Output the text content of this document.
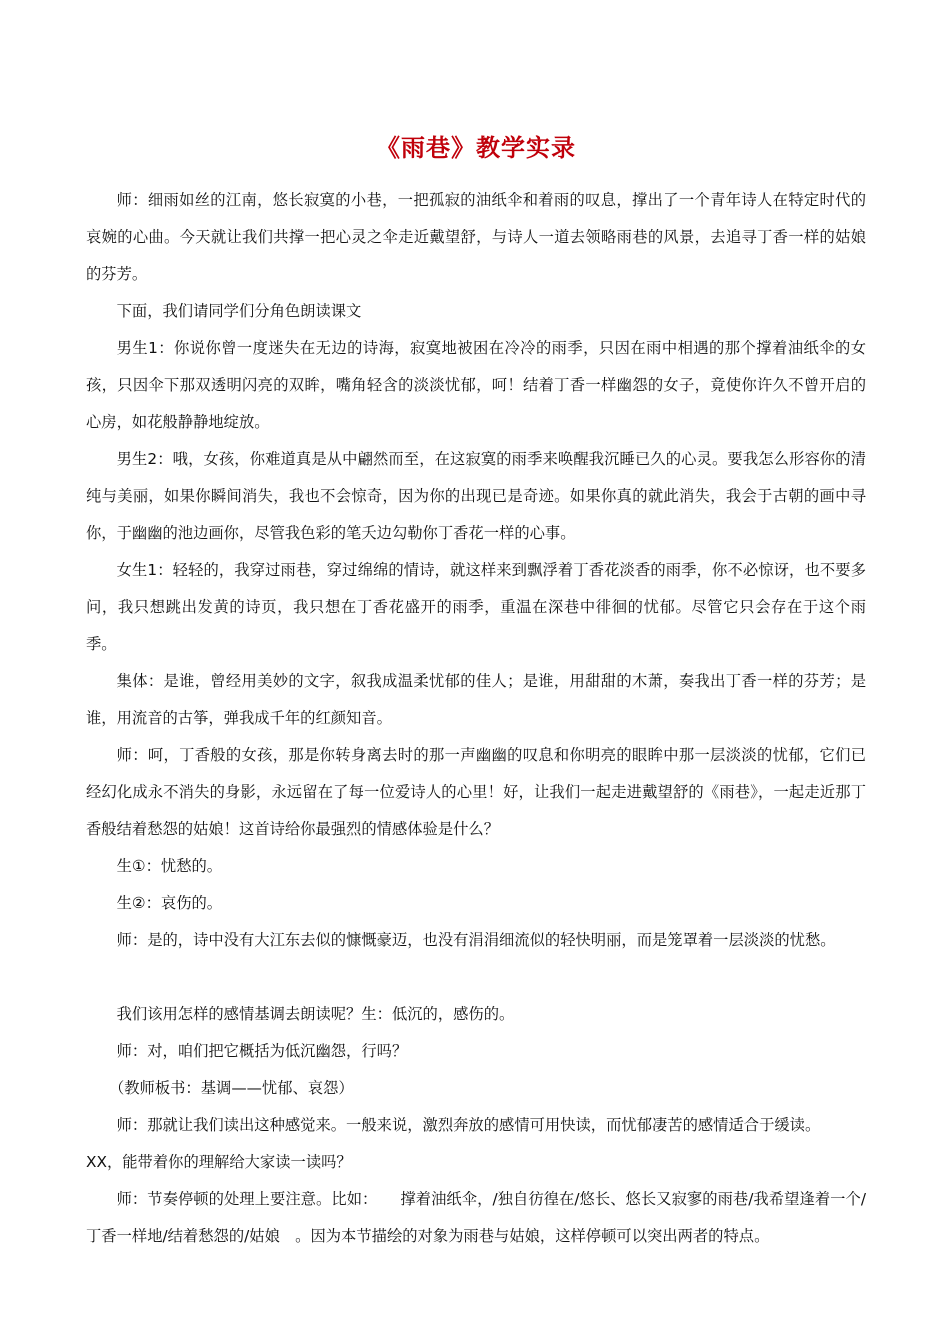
《雨巷》教学实录

师：细雨如丝的江南，悠长寂寞的小巷，一把孤寂的油纸伞和着雨的叹息，撑出了一个青年诗人在特定时代的哀婉的心曲。今天就让我们共撑一把心灵之伞走近戴望舒，与诗人一道去领略雨巷的风景，去追寻丁香一样的姑娘的芬芳。

下面，我们请同学们分角色朗读课文

男生1：你说你曾一度迷失在无边的诗海，寂寞地被困在冷冷的雨季，只因在雨中相遇的那个撑着油纸伞的女孩，只因伞下那双透明闪亮的双眸，嘴角轻含的淡淡忧郁，呵！结着丁香一样幽怨的女子，竟使你许久不曾开启的心房，如花般静静地绽放。

男生2：哦，女孩，你难道真是从中翩然而至，在这寂寞的雨季来唤醒我沉睡已久的心灵。要我怎么形容你的清纯与美丽，如果你瞬间消失，我也不会惊奇，因为你的出现已是奇迹。如果你真的就此消失，我会于古朝的画中寻你，于幽幽的池边画你，尽管我色彩的笔夭边勾勒你丁香花一样的心事。

女生1：轻轻的，我穿过雨巷，穿过绵绵的情诗，就这样来到飘浮着丁香花淡香的雨季，你不必惊讶，也不要多问，我只想跳出发黄的诗页，我只想在丁香花盛开的雨季，重温在深巷中徘徊的忧郁。尽管它只会存在于这个雨季。

集体：是谁，曾经用美妙的文字，叙我成温柔忧郁的佳人；是谁，用甜甜的木萧，奏我出丁香一样的芬芳；是谁，用流音的古筝，弹我成千年的红颜知音。

师：呵，丁香般的女孩，那是你转身离去时的那一声幽幽的叹息和你明亮的眼眸中那一层淡淡的忧郁，它们已经幻化成永不消失的身影，永远留在了每一位爱诗人的心里！好，让我们一起走进戴望舒的《雨巷》，一起走近那丁香般结着愁怨的姑娘！这首诗给你最强烈的情感体验是什么？

生①：忧愁的。

生②：哀伤的。

师：是的，诗中没有大江东去似的慷慨豪迈，也没有涓涓细流似的轻快明丽，而是笼罩着一层淡淡的忧愁。

我们该用怎样的感情基调去朗读呢？生：低沉的，感伤的。

师：对，咱们把它概括为低沉幽怨，行吗？

（教师板书：基调——忧郁、哀怨）

师：那就让我们读出这种感觉来。一般来说，激烈奔放的感情可用快读，而忧郁凄苦的感情适合于缓读。

XX，能带着你的理解给大家读一读吗？

师：节奏停顿的处理上要注意。比如：　　撑着油纸伞，/独自彷徨在/悠长、悠长又寂寥的雨巷/我希望逢着一个/丁香一样地/结着愁怨的/姑娘　。因为本节描绘的对象为雨巷与姑娘，这样停顿可以突出两者的特点。
